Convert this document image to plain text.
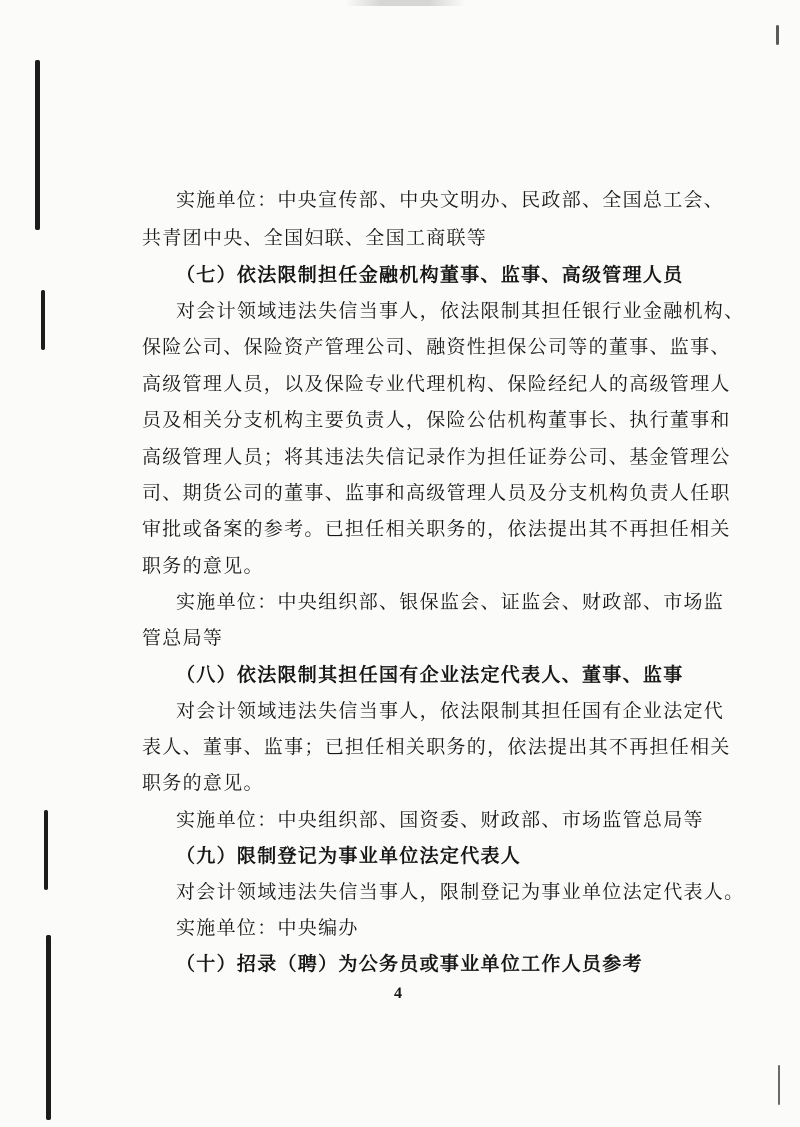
实施单位：中央宣传部、中央文明办、民政部、全国总工会、
共青团中央、全国妇联、全国工商联等
（七）依法限制担任金融机构董事、监事、高级管理人员
对会计领域违法失信当事人，依法限制其担任银行业金融机构、
保险公司、保险资产管理公司、融资性担保公司等的董事、监事、
高级管理人员，以及保险专业代理机构、保险经纪人的高级管理人
员及相关分支机构主要负责人，保险公估机构董事长、执行董事和
高级管理人员；将其违法失信记录作为担任证券公司、基金管理公
司、期货公司的董事、监事和高级管理人员及分支机构负责人任职
审批或备案的参考。已担任相关职务的，依法提出其不再担任相关
职务的意见。
实施单位：中央组织部、银保监会、证监会、财政部、市场监
管总局等
（八）依法限制其担任国有企业法定代表人、董事、监事
对会计领域违法失信当事人，依法限制其担任国有企业法定代
表人、董事、监事；已担任相关职务的，依法提出其不再担任相关
职务的意见。
实施单位：中央组织部、国资委、财政部、市场监管总局等
（九）限制登记为事业单位法定代表人
对会计领域违法失信当事人，限制登记为事业单位法定代表人。
实施单位：中央编办
（十）招录（聘）为公务员或事业单位工作人员参考
4
